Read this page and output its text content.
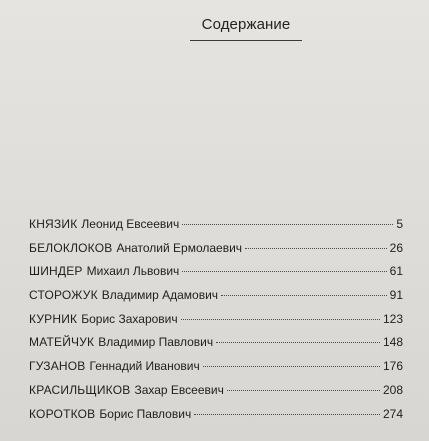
Содержание
КНЯЗИК Леонид Евсеевич	5
БЕЛОКЛОКОВ Анатолий Ермолаевич	26
ШИНДЕР Михаил Львович	61
СТОРОЖУК Владимир Адамович	91
КУРНИК Борис Захарович	123
МАТЕЙЧУК Владимир Павлович	148
ГУЗАНОВ Геннадий Иванович	176
КРАСИЛЬЩИКОВ Захар Евсеевич	208
КОРОТКОВ Борис Павлович	274
